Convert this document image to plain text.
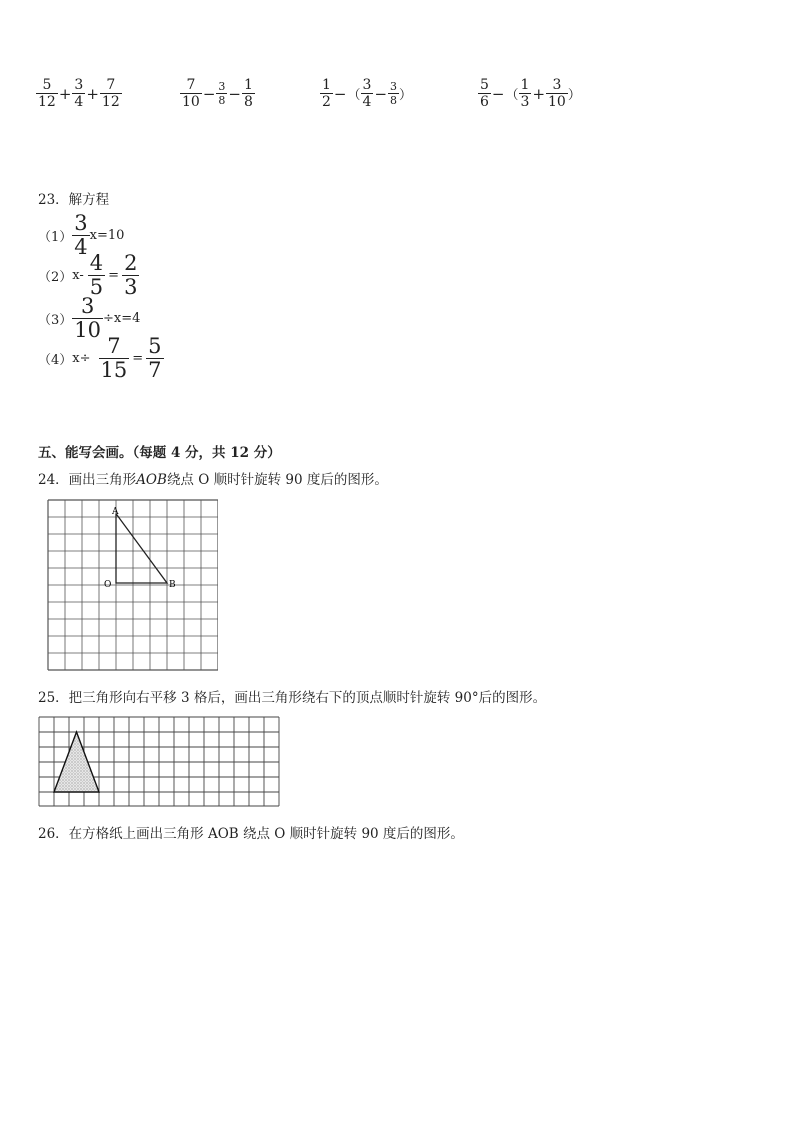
$\frac{5}{12} + \frac{3}{4} + \frac{7}{12}$	$\frac{7}{10} - \frac{3}{8} - \frac{1}{8}$	$\frac{1}{2}$ − （ $\frac{3}{4} - \frac{3}{8}$ ）	$\frac{5}{6}$ − （ $\frac{1}{3} + \frac{3}{10}$ ）
23．解方程
$(1) \frac{3}{4} x=10$
（2） $x- \frac{4}{5} = \frac{2}{3}$
$(3) \frac{3}{10} \div x=4$
（4） $x\div \frac{7}{15} = \frac{5}{7}$
五、能写会画。（每题 4 分，共 12 分）
24．画出三角形AOB绕点 O 顺时针旋转 90 度后的图形。
A
O	B
25．把三角形向右平移 3 格后，画出三角形绕右下的顶点顺时针旋转 90°后的图形。
26．在方格纸上画出三角形 AOB 绕点 O 顺时针旋转 90 度后的图形。
